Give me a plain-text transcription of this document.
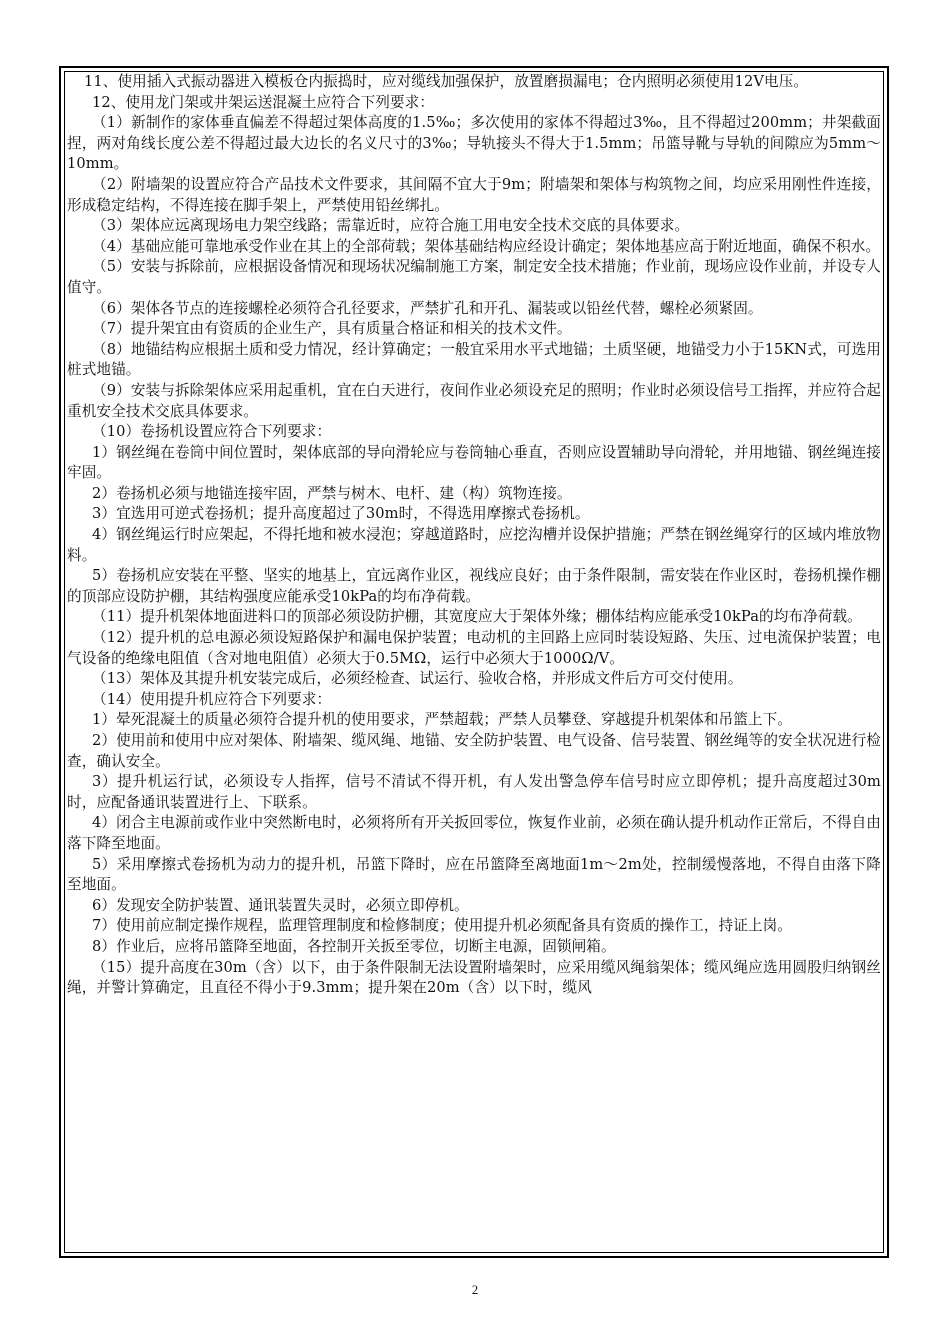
11、使用插入式振动器进入模板仓内振捣时，应对缆线加强保护，放置磨损漏电；仓内照明必须使用12V电压。

12、使用龙门架或井架运送混凝土应符合下列要求：

（1）新制作的家体垂直偏差不得超过架体高度的1.5‰；多次使用的家体不得超过3‰，且不得超过200mm；井架截面捏，两对角线长度公差不得超过最大边长的名义尺寸的3‰；导轨接头不得大于1.5mm；吊篮导靴与导轨的间隙应为5mm～10mm。

（2）附墙架的设置应符合产品技术文件要求，其间隔不宜大于9m；附墙架和架体与构筑物之间，均应采用刚性件连接，形成稳定结构，不得连接在脚手架上，严禁使用铅丝绑扎。

（3）架体应远离现场电力架空线路；需靠近时，应符合施工用电安全技术交底的具体要求。

（4）基础应能可靠地承受作业在其上的全部荷载；架体基础结构应经设计确定；架体地基应高于附近地面，确保不积水。

（5）安装与拆除前，应根据设备情况和现场状况编制施工方案，制定安全技术措施；作业前，现场应设作业前，并设专人值守。

（6）架体各节点的连接螺栓必须符合孔径要求，严禁扩孔和开孔、漏装或以铅丝代替，螺栓必须紧固。

（7）提升架宜由有资质的企业生产，具有质量合格证和相关的技术文件。

（8）地锚结构应根据土质和受力情况，经计算确定；一般宜采用水平式地锚；土质坚硬，地锚受力小于15KN式，可选用桩式地锚。

（9）安装与拆除架体应采用起重机，宜在白天进行，夜间作业必须设充足的照明；作业时必须设信号工指挥，并应符合起重机安全技术交底具体要求。

（10）卷扬机设置应符合下列要求：

1）钢丝绳在卷筒中间位置时，架体底部的导向滑轮应与卷筒轴心垂直，否则应设置辅助导向滑轮，并用地锚、钢丝绳连接牢固。

2）卷扬机必须与地锚连接牢固，严禁与树木、电杆、建（构）筑物连接。

3）宜选用可逆式卷扬机；提升高度超过了30m时，不得选用摩擦式卷扬机。

4）钢丝绳运行时应架起，不得托地和被水浸泡；穿越道路时，应挖沟槽并设保护措施；严禁在钢丝绳穿行的区域内堆放物料。

5）卷扬机应安装在平整、坚实的地基上，宜远离作业区，视线应良好；由于条件限制，需安装在作业区时，卷扬机操作棚的顶部应设防护棚，其结构强度应能承受10kPa的均布净荷载。

（11）提升机架体地面进料口的顶部必须设防护棚，其宽度应大于架体外缘；棚体结构应能承受10kPa的均布净荷载。

（12）提升机的总电源必须设短路保护和漏电保护装置；电动机的主回路上应同时装设短路、失压、过电流保护装置；电气设备的绝缘电阻值（含对地电阻值）必须大于0.5MΩ，运行中必须大于1000Ω/V。

（13）架体及其提升机安装完成后，必须经检查、试运行、验收合格，并形成文件后方可交付使用。

（14）使用提升机应符合下列要求：

1）晕死混凝土的质量必须符合提升机的使用要求，严禁超载；严禁人员攀登、穿越提升机架体和吊篮上下。

2）使用前和使用中应对架体、附墙架、缆风绳、地锚、安全防护装置、电气设备、信号装置、钢丝绳等的安全状况进行检查，确认安全。

3）提升机运行试，必须设专人指挥，信号不清试不得开机，有人发出警急停车信号时应立即停机；提升高度超过30m时，应配备通讯装置进行上、下联系。

4）闭合主电源前或作业中突然断电时，必须将所有开关扳回零位，恢复作业前，必须在确认提升机动作正常后，不得自由落下降至地面。

5）采用摩擦式卷扬机为动力的提升机，吊篮下降时，应在吊篮降至离地面1m～2m处，控制缓慢落地，不得自由落下降至地面。

6）发现安全防护装置、通讯装置失灵时，必须立即停机。

7）使用前应制定操作规程，监理管理制度和检修制度；使用提升机必须配备具有资质的操作工，持证上岗。

8）作业后，应将吊篮降至地面，各控制开关扳至零位，切断主电源，固锁闸箱。

（15）提升高度在30m（含）以下，由于条件限制无法设置附墙架时，应采用缆风绳翁架体；缆风绳应选用圆股归纳钢丝绳，并警计算确定，且直径不得小于9.3mm；提升架在20m（含）以下时，缆风

2
